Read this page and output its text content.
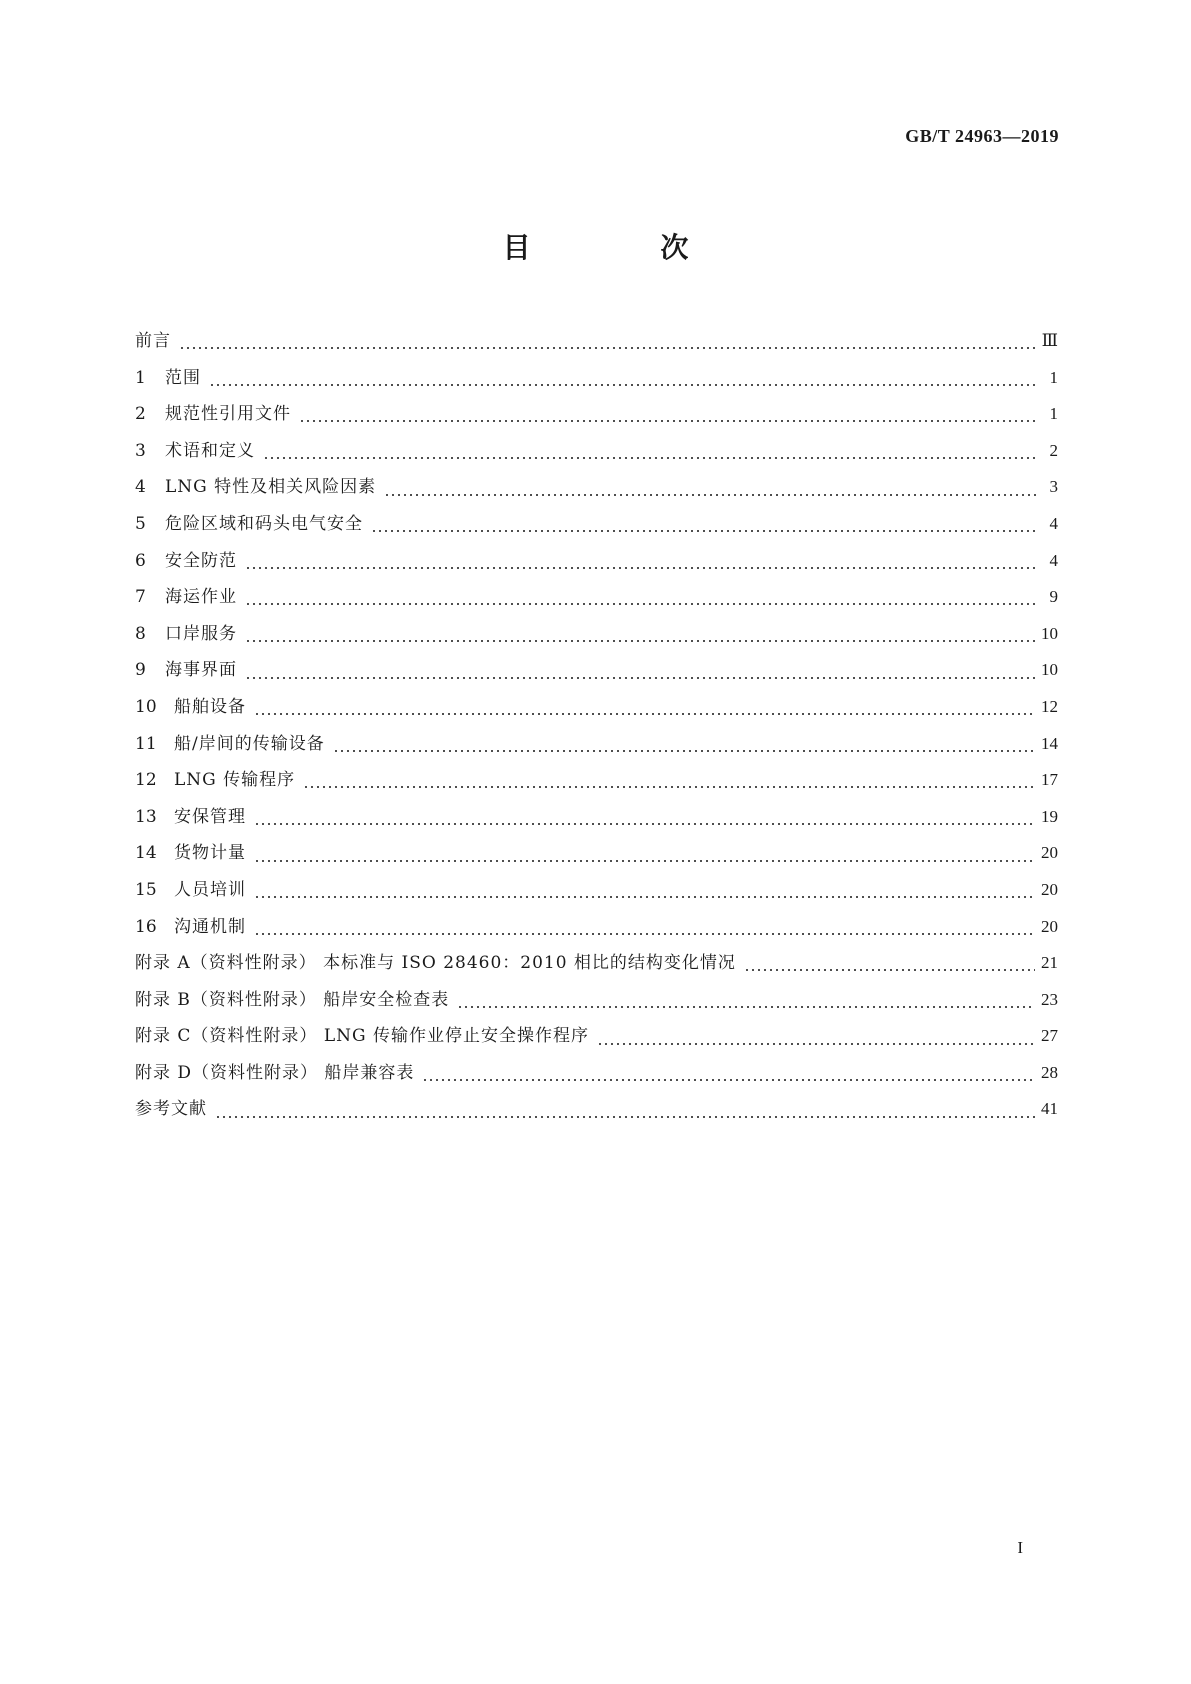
GB/T 24963—2019
目 次
前言	Ⅲ
1	范围	1
2	规范性引用文件	1
3	术语和定义	2
4	LNG 特性及相关风险因素	3
5	危险区域和码头电气安全	4
6	安全防范	4
7	海运作业	9
8	口岸服务	10
9	海事界面	10
10	船舶设备	12
11	船/岸间的传输设备	14
12	LNG 传输程序	17
13	安保管理	19
14	货物计量	20
15	人员培训	20
16	沟通机制	20
附录 A（资料性附录） 本标准与 ISO 28460：2010 相比的结构变化情况	21
附录 B（资料性附录） 船岸安全检查表	23
附录 C（资料性附录） LNG 传输作业停止安全操作程序	27
附录 D（资料性附录） 船岸兼容表	28
参考文献	41
I
